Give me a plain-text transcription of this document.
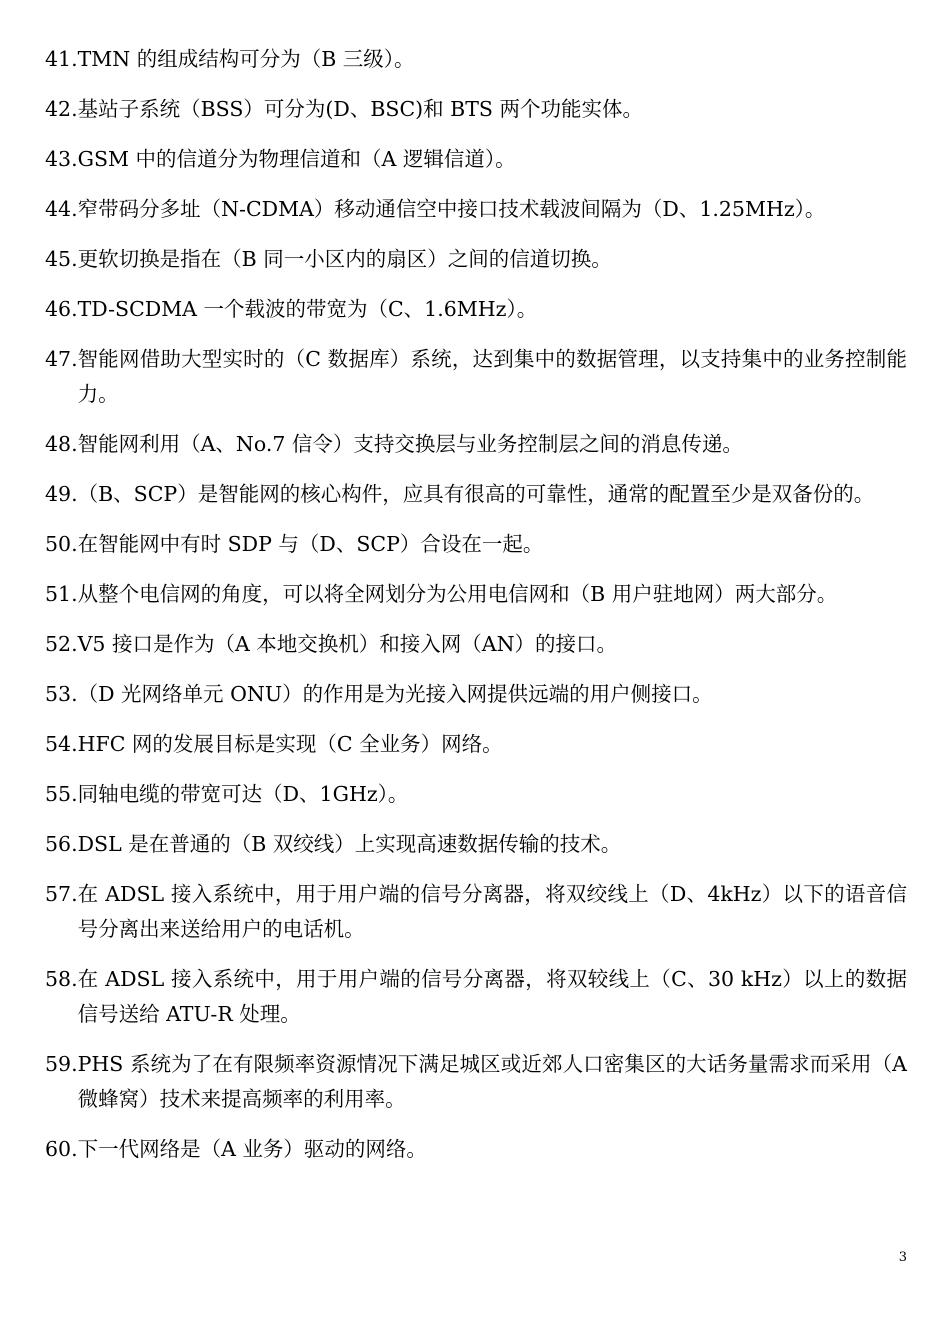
41. TMN 的组成结构可分为（B 三级）。
42. 基站子系统（BSS）可分为(D、BSC)和 BTS 两个功能实体。
43. GSM 中的信道分为物理信道和（A 逻辑信道）。
44. 窄带码分多址（N-CDMA）移动通信空中接口技术载波间隔为（D、1.25MHz）。
45. 更软切换是指在（B 同一小区内的扇区）之间的信道切换。
46. TD-SCDMA 一个载波的带宽为（C、1.6MHz）。
47. 智能网借助大型实时的（C 数据库）系统，达到集中的数据管理，以支持集中的业务控制能力。
48. 智能网利用（A、No.7 信令）支持交换层与业务控制层之间的消息传递。
49. （B、SCP）是智能网的核心构件，应具有很高的可靠性，通常的配置至少是双备份的。
50. 在智能网中有时 SDP 与（D、SCP）合设在一起。
51. 从整个电信网的角度，可以将全网划分为公用电信网和（B 用户驻地网）两大部分。
52. V5 接口是作为（A 本地交换机）和接入网（AN）的接口。
53. （D 光网络单元 ONU）的作用是为光接入网提供远端的用户侧接口。
54. HFC 网的发展目标是实现（C 全业务）网络。
55. 同轴电缆的带宽可达（D、1GHz）。
56. DSL 是在普通的（B 双绞线）上实现高速数据传输的技术。
57. 在 ADSL 接入系统中，用于用户端的信号分离器，将双绞线上（D、4kHz）以下的语音信号分离出来送给用户的电话机。
58. 在 ADSL 接入系统中，用于用户端的信号分离器，将双较线上（C、30 kHz）以上的数据信号送给 ATU-R 处理。
59. PHS 系统为了在有限频率资源情况下满足城区或近郊人口密集区的大话务量需求而采用（A 微蜂窝）技术来提高频率的利用率。
60. 下一代网络是（A 业务）驱动的网络。
3
